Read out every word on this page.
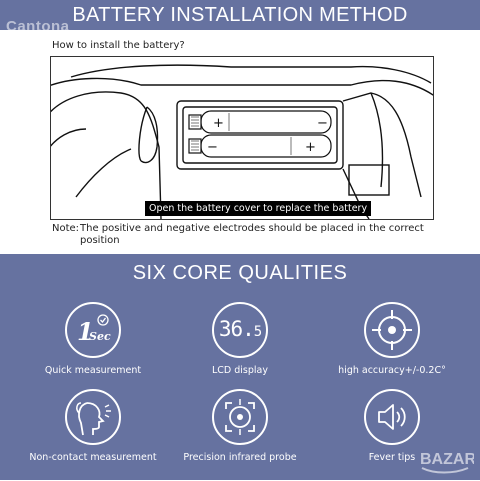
BATTERY INSTALLATION METHOD
Cantona
How to install the battery?
+	−
−	+
Open the battery cover to replace the battery
Note: The positive and negative electrodes should be placed in the correct position
SIX CORE QUALITIES
1
Sec
Quick measurement
36.5
LCD display	high accuracy+/-0.2C°
Non-contact measurement	Precision infrared probe	Fever tips BAZAR
